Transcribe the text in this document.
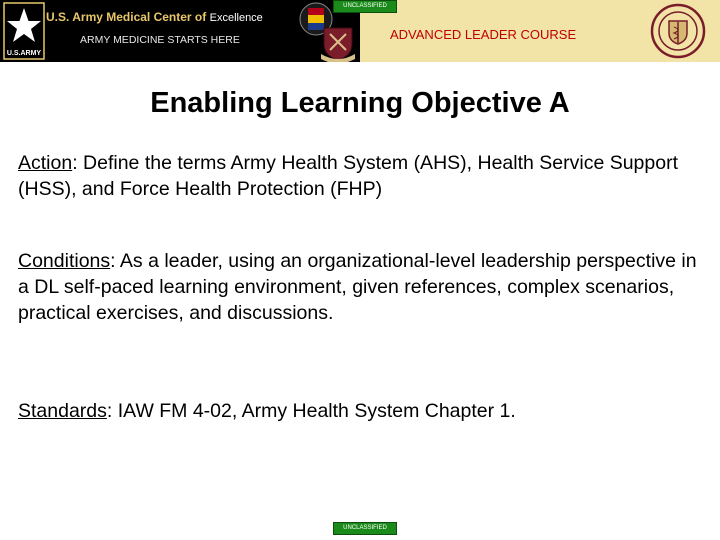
U.S.ARMY
U.S. Army Medical Center of Excellence
ARMY MEDICINE STARTS HERE	ADVANCED LEADER COURSE
UNCLASSIFIED
Enabling Learning Objective A

Action: Define the terms Army Health System (AHS), Health Service Support (HSS), and Force Health Protection (FHP)

Conditions: As a leader, using an organizational-level leadership perspective in a DL self-paced learning environment, given references, complex scenarios, practical exercises, and discussions.

Standards: IAW FM 4-02, Army Health System Chapter 1.

UNCLASSIFIED
